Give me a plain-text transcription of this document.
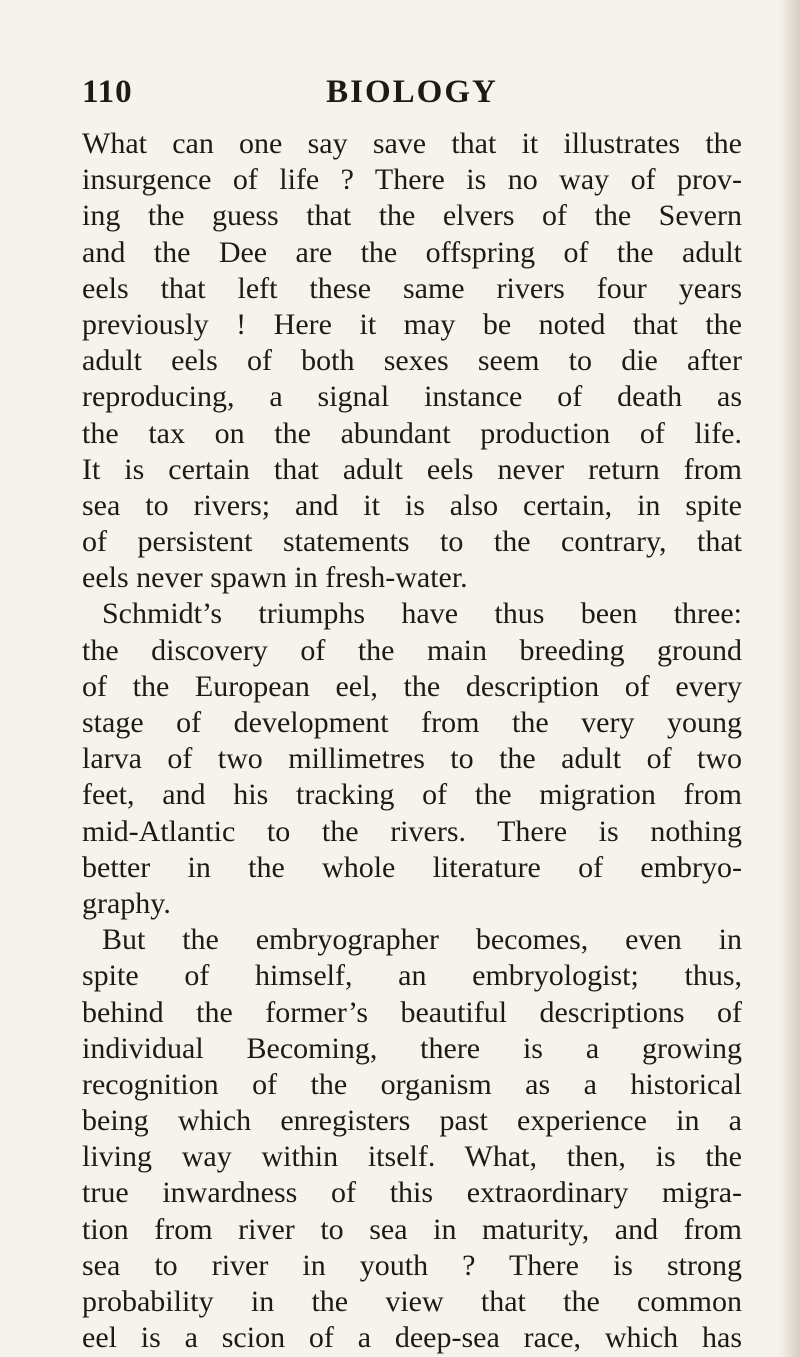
110	BIOLOGY
What can one say save that it illustrates the
insurgence of life ? There is no way of prov-
ing the guess that the elvers of the Severn
and the Dee are the offspring of the adult
eels that left these same rivers four years
previously ! Here it may be noted that the
adult eels of both sexes seem to die after
reproducing, a signal instance of death as
the tax on the abundant production of life.
It is certain that adult eels never return from
sea to rivers; and it is also certain, in spite
of persistent statements to the contrary, that
eels never spawn in fresh-water.
Schmidt’s triumphs have thus been three:
the discovery of the main breeding ground
of the European eel, the description of every
stage of development from the very young
larva of two millimetres to the adult of two
feet, and his tracking of the migration from
mid-Atlantic to the rivers. There is nothing
better in the whole literature of embryo-
graphy.
But the embryographer becomes, even in
spite of himself, an embryologist; thus,
behind the former’s beautiful descriptions of
individual Becoming, there is a growing
recognition of the organism as a historical
being which enregisters past experience in a
living way within itself. What, then, is the
true inwardness of this extraordinary migra-
tion from river to sea in maturity, and from
sea to river in youth ? There is strong
probability in the view that the common
eel is a scion of a deep-sea race, which has
